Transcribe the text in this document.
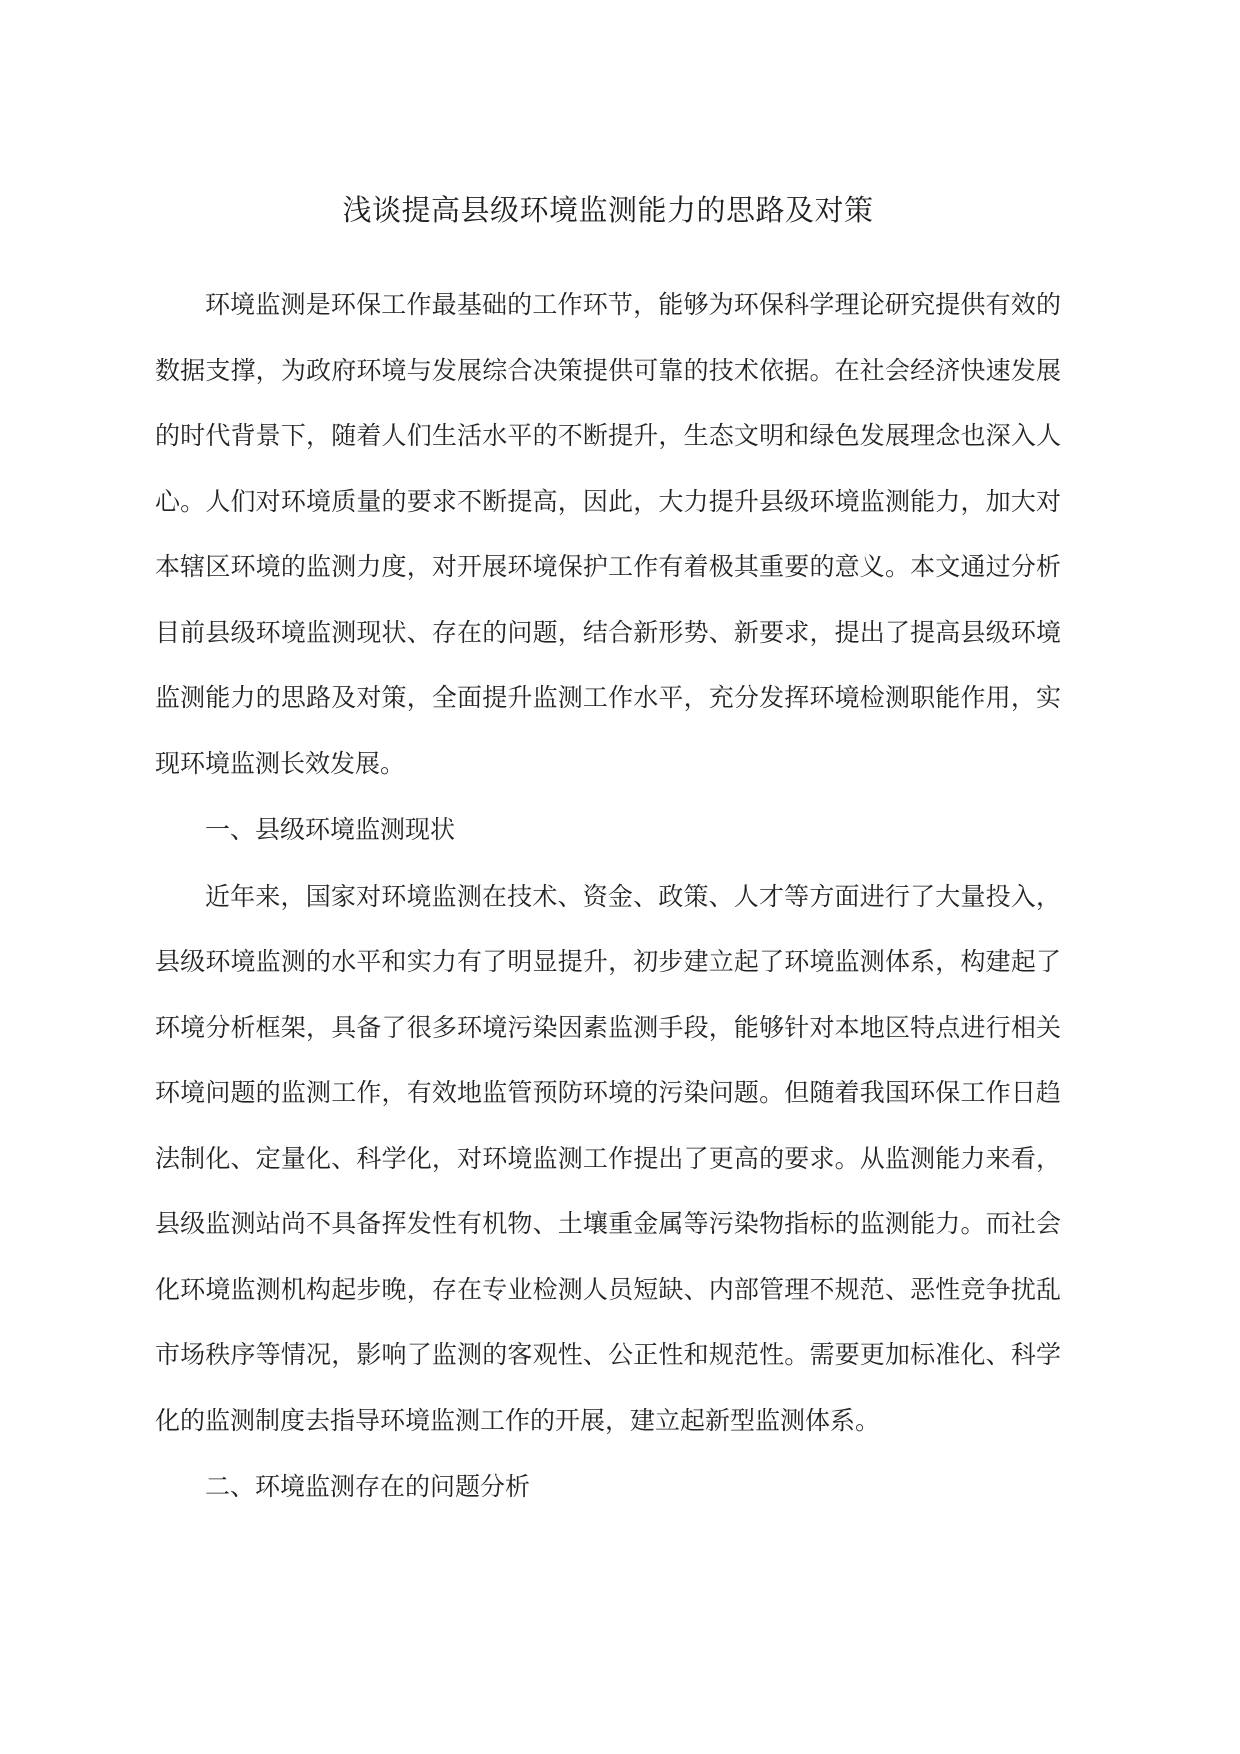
浅谈提高县级环境监测能力的思路及对策

环境监测是环保工作最基础的工作环节，能够为环保科学理论研究提供有效的数据支撑，为政府环境与发展综合决策提供可靠的技术依据。在社会经济快速发展的时代背景下，随着人们生活水平的不断提升，生态文明和绿色发展理念也深入人心。人们对环境质量的要求不断提高，因此，大力提升县级环境监测能力，加大对本辖区环境的监测力度，对开展环境保护工作有着极其重要的意义。本文通过分析目前县级环境监测现状、存在的问题，结合新形势、新要求，提出了提高县级环境监测能力的思路及对策，全面提升监测工作水平，充分发挥环境检测职能作用，实现环境监测长效发展。

一、县级环境监测现状

近年来，国家对环境监测在技术、资金、政策、人才等方面进行了大量投入，县级环境监测的水平和实力有了明显提升，初步建立起了环境监测体系，构建起了环境分析框架，具备了很多环境污染因素监测手段，能够针对本地区特点进行相关环境问题的监测工作，有效地监管预防环境的污染问题。但随着我国环保工作日趋法制化、定量化、科学化，对环境监测工作提出了更高的要求。从监测能力来看，县级监测站尚不具备挥发性有机物、土壤重金属等污染物指标的监测能力。而社会化环境监测机构起步晚，存在专业检测人员短缺、内部管理不规范、恶性竞争扰乱市场秩序等情况，影响了监测的客观性、公正性和规范性。需要更加标准化、科学化的监测制度去指导环境监测工作的开展，建立起新型监测体系。

二、环境监测存在的问题分析
